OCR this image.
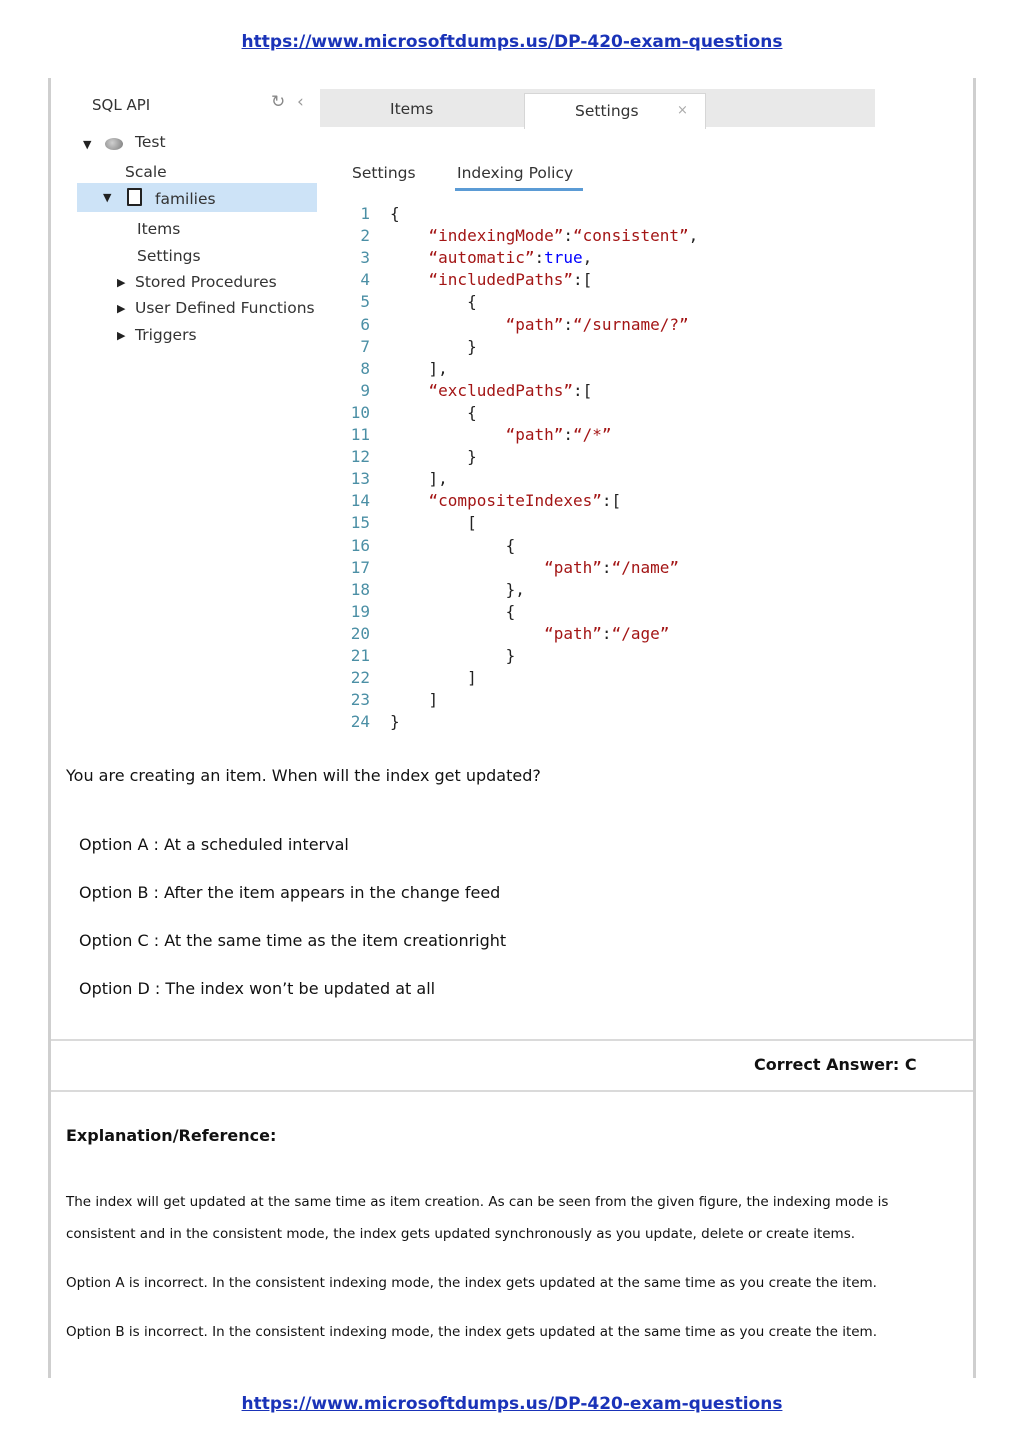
https://www.microsoftdumps.us/DP-420-exam-questions
SQL API	↻ ‹
▼	Test
Scale
▼	families
Items
Settings
▶ Stored Procedures
▶ User Defined Functions
▶ Triggers
Items	Settings	×
Settings	Indexing Policy
1 {
2	“indexingMode”:“consistent”,
3	“automatic”:true,
4	“includedPaths”:[
5 {
6	“path”:“/surname/?”
7 }
8 ],
9	“excludedPaths”:[
10 {
11	“path”:“/*”
12 }
13 ],
14	“compositeIndexes”:[
15 [
16 {
17	“path”:“/name”
18 },
19 {
20	“path”:“/age”
21 }
22 ]
23 ]
24 }
You are creating an item. When will the index get updated?
Option A : At a scheduled interval
Option B : After the item appears in the change feed
Option C : At the same time as the item creationright
Option D : The index won’t be updated at all
Correct Answer: C
Explanation/Reference:
The index will get updated at the same time as item creation. As can be seen from the given figure, the indexing mode is
consistent and in the consistent mode, the index gets updated synchronously as you update, delete or create items.
Option A is incorrect. In the consistent indexing mode, the index gets updated at the same time as you create the item.
Option B is incorrect. In the consistent indexing mode, the index gets updated at the same time as you create the item.
https://www.microsoftdumps.us/DP-420-exam-questions
